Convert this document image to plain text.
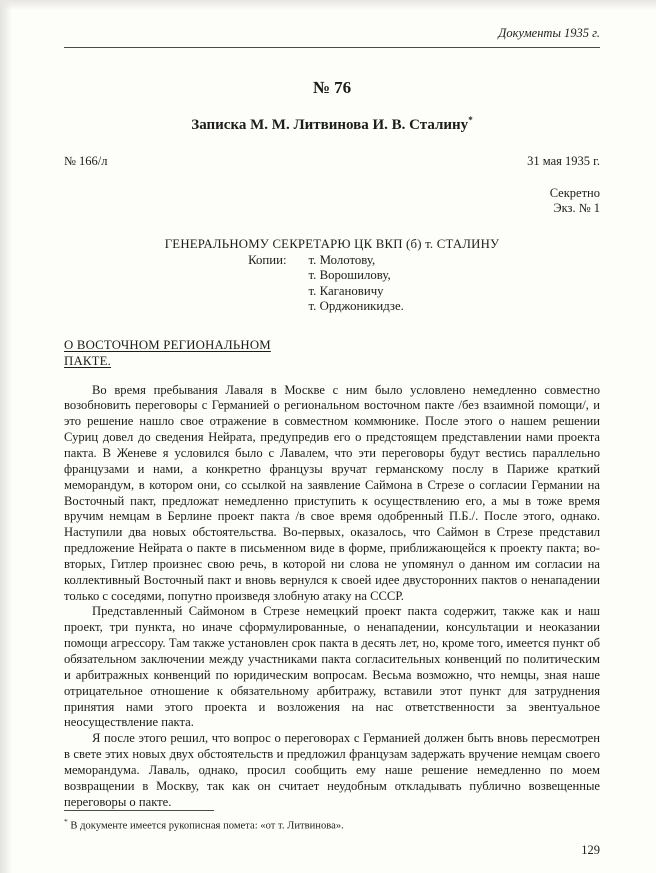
Документы 1935 г.
№ 76
Записка М. М. Литвинова И. В. Сталину*
№ 166/л	31 мая 1935 г.
Секретно
Экз. № 1
ГЕНЕРАЛЬНОМУ СЕКРЕТАРЮ ЦК ВКП (б) т. СТАЛИНУ
Копии: т. Молотову,
т. Ворошилову,
т. Кагановичу
т. Орджоникидзе.
О ВОСТОЧНОМ РЕГИОНАЛЬНОМ
ПАКТЕ.

Во время пребывания Лаваля в Москве с ним было условлено немедленно совместно возобновить переговоры с Германией о региональном восточном пакте /без взаимной помощи/, и это решение нашло свое отражение в совместном коммюнике. После этого о нашем решении Суриц довел до сведения Нейрата, предупредив его о предстоящем представлении нами проекта пакта. В Женеве я условился было с Лавалем, что эти переговоры будут вестись параллельно французами и нами, а конкретно французы вручат германскому послу в Париже краткий меморандум, в котором они, со ссылкой на заявление Саймона в Стрезе о согласии Германии на Восточный пакт, предложат немедленно приступить к осуществлению его, а мы в тоже время вручим немцам в Берлине проект пакта /в свое время одобренный П.Б./. После этого, однако. Наступили два новых обстоятельства. Во-первых, оказалось, что Саймон в Стрезе представил предложение Нейрата о пакте в письменном виде в форме, приближающейся к проекту пакта; во-вторых, Гитлер произнес свою речь, в которой ни слова не упомянул о данном им согласии на коллективный Восточный пакт и вновь вернулся к своей идее двусторонних пактов о ненападении только с соседями, попутно произведя злобную атаку на СССР.

Представленный Саймоном в Стрезе немецкий проект пакта содержит, также как и наш проект, три пункта, но иначе сформулированные, о ненападении, консультации и неоказании помощи агрессору. Там также установлен срок пакта в десять лет, но, кроме того, имеется пункт об обязательном заключении между участниками пакта согласительных конвенций по политическим и арбитражных конвенций по юридическим вопросам. Весьма возможно, что немцы, зная наше отрицательное отношение к обязательному арбитражу, вставили этот пункт для затруднения принятия нами этого проекта и возложения на нас ответственности за эвентуальное неосуществление пакта.

Я после этого решил, что вопрос о переговорах с Германией должен быть вновь пересмотрен в свете этих новых двух обстоятельств и предложил французам задержать вручение немцам своего меморандума. Лаваль, однако, просил сообщить ему наше решение немедленно по моем возвращении в Москву, так как он считает неудобным откладывать публично возвещенные переговоры о пакте.

* В документе имеется рукописная помета: «от т. Литвинова».
129
